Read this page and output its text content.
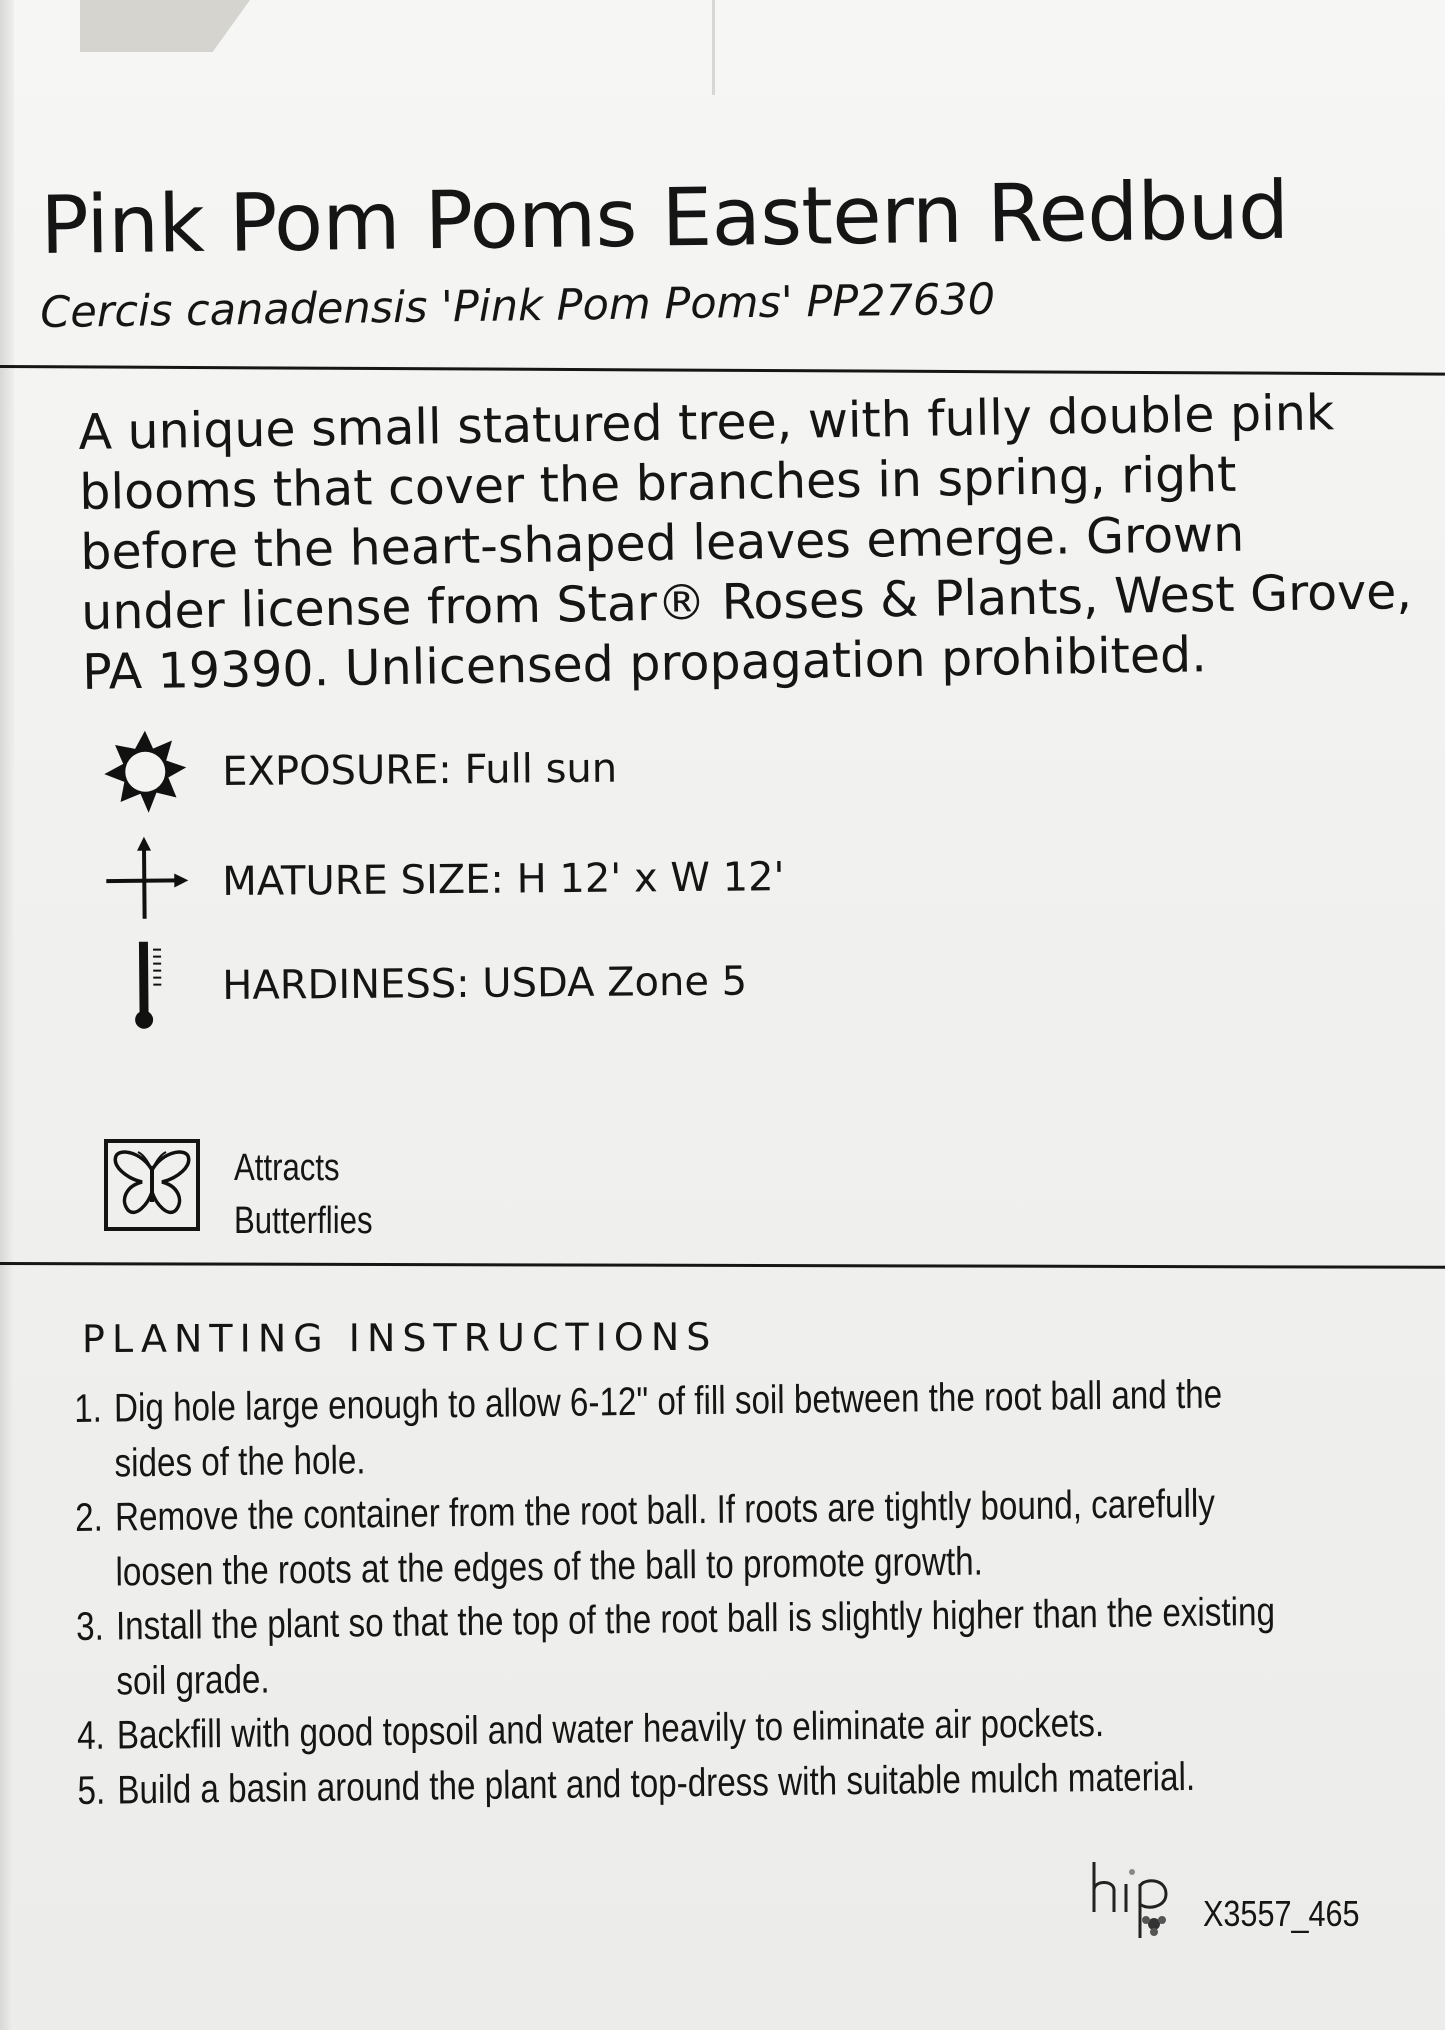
Pink Pom Poms Eastern Redbud
Cercis canadensis 'Pink Pom Poms' PP27630

A unique small statured tree, with fully double pink

blooms that cover the branches in spring, right

before the heart-shaped leaves emerge. Grown

under license from Star® Roses & Plants, West Grove,

PA 19390. Unlicensed propagation prohibited.

EXPOSURE: Full sun
MATURE SIZE: H 12' x W 12'
HARDINESS: USDA Zone 5
Attracts
Butterflies
PLANTING INSTRUCTIONS
1. Dig hole large enough to allow 6-12" of fill soil between the root ball and the sides of the hole.
2. Remove the container from the root ball. If roots are tightly bound, carefully loosen the roots at the edges of the ball to promote growth.
3. Install the plant so that the top of the root ball is slightly higher than the existing soil grade.
4. Backfill with good topsoil and water heavily to eliminate air pockets.
5. Build a basin around the plant and top-dress with suitable mulch material.
X3557_465
